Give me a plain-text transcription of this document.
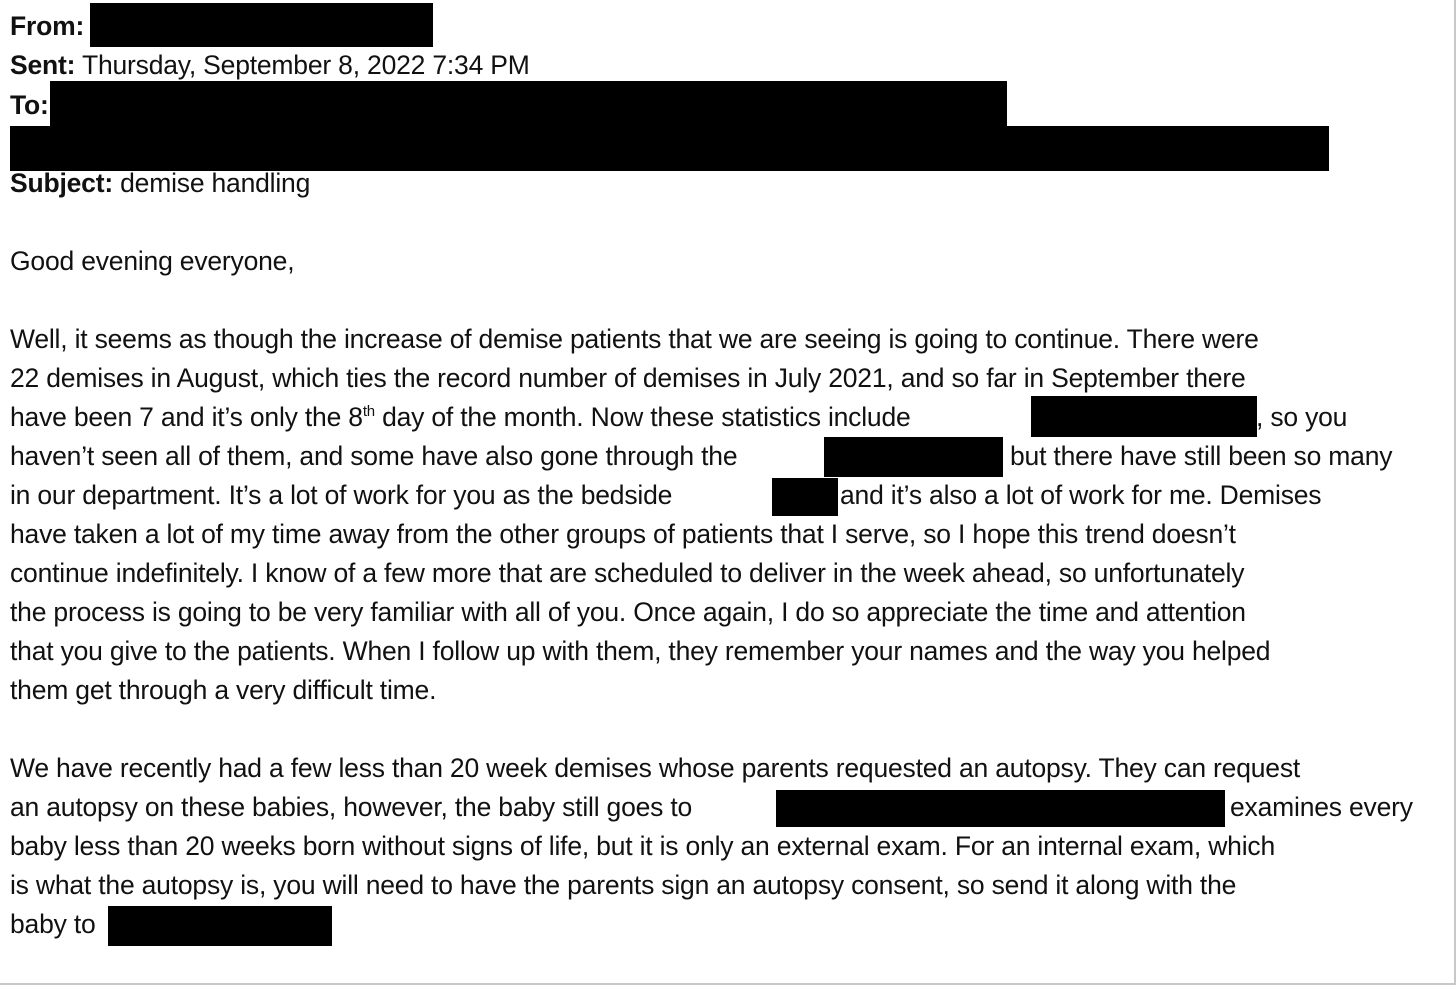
From:
Sent: Thursday, September 8, 2022 7:34 PM
To:
Subject: demise handling
Good evening everyone,
Well, it seems as though the increase of demise patients that we are seeing is going to continue. There were
22 demises in August, which ties the record number of demises in July 2021, and so far in September there
have been 7 and it’s only the 8th day of the month. Now these statistics include	, so you
haven’t seen all of them, and some have also gone through the	but there have still been so many
in our department. It’s a lot of work for you as the bedside	and it’s also a lot of work for me. Demises
have taken a lot of my time away from the other groups of patients that I serve, so I hope this trend doesn’t
continue indefinitely. I know of a few more that are scheduled to deliver in the week ahead, so unfortunately
the process is going to be very familiar with all of you. Once again, I do so appreciate the time and attention
that you give to the patients. When I follow up with them, they remember your names and the way you helped
them get through a very difficult time.
We have recently had a few less than 20 week demises whose parents requested an autopsy. They can request
an autopsy on these babies, however, the baby still goes to	examines every
baby less than 20 weeks born without signs of life, but it is only an external exam. For an internal exam, which
is what the autopsy is, you will need to have the parents sign an autopsy consent, so send it along with the
baby to
